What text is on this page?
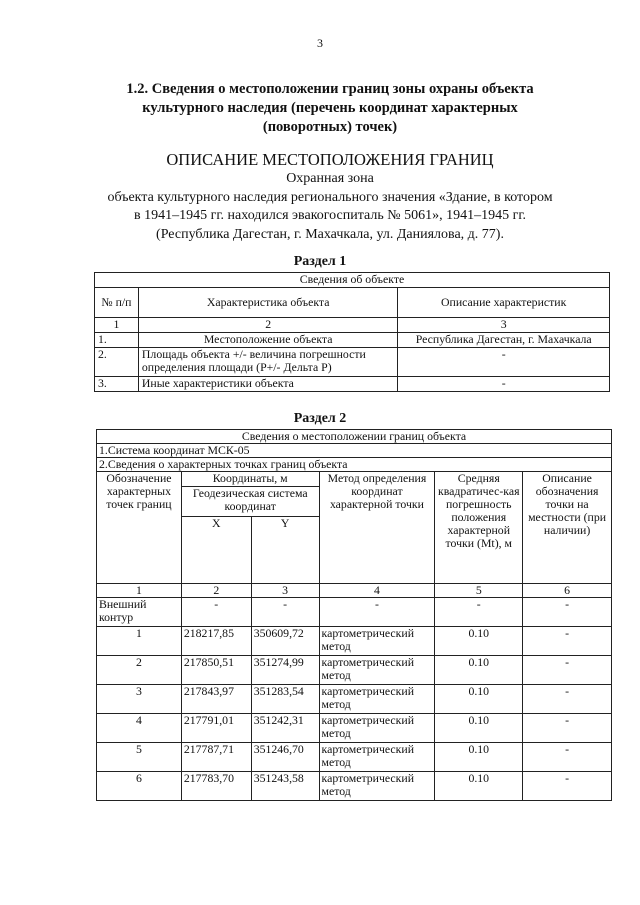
3
1.2. Сведения о местоположении границ зоны охраны объекта
культурного наследия (перечень координат характерных
(поворотных) точек)
ОПИСАНИЕ МЕСТОПОЛОЖЕНИЯ ГРАНИЦ
Охранная зона
объекта культурного наследия регионального значения «Здание, в котором
в 1941–1945 гг. находился эвакогоспиталь № 5061», 1941–1945 гг.
(Республика Дагестан, г. Махачкала, ул. Даниялова, д. 77).
Раздел 1
Сведения об объекте		
№ п/п	Характеристика объекта	Описание характеристик
1	2	3
1.	Местоположение объекта	Республика Дагестан, г. Махачкала
2.	Площадь объекта +/- величина погрешности определения площади (P+/- Дельта P)	-
3.	Иные характеристики объекта	-
Раздел 2
Сведения о местоположении границ объекта					
1.Система координат МСК-05					
2.Сведения о характерных точках границ объекта					
Обозначение характерных точек границ	Координаты, м		Метод определения координат характерной точки	Средняя квадратичес-кая погрешность положения характерной точки (Mt), м	Описание обозначения точки на местности (при наличии)
	Геодезическая система координат				
	X	Y			

1	2	3	4	5	6
Внешний контур	-	-	-	-	-
1	218217,85	350609,72	картометрический метод	0.10	-
2	217850,51	351274,99	картометрический метод	0.10	-
3	217843,97	351283,54	картометрический метод	0.10	-
4	217791,01	351242,31	картометрический метод	0.10	-
5	217787,71	351246,70	картометрический метод	0.10	-
6	217783,70	351243,58	картометрический метод	0.10	-
